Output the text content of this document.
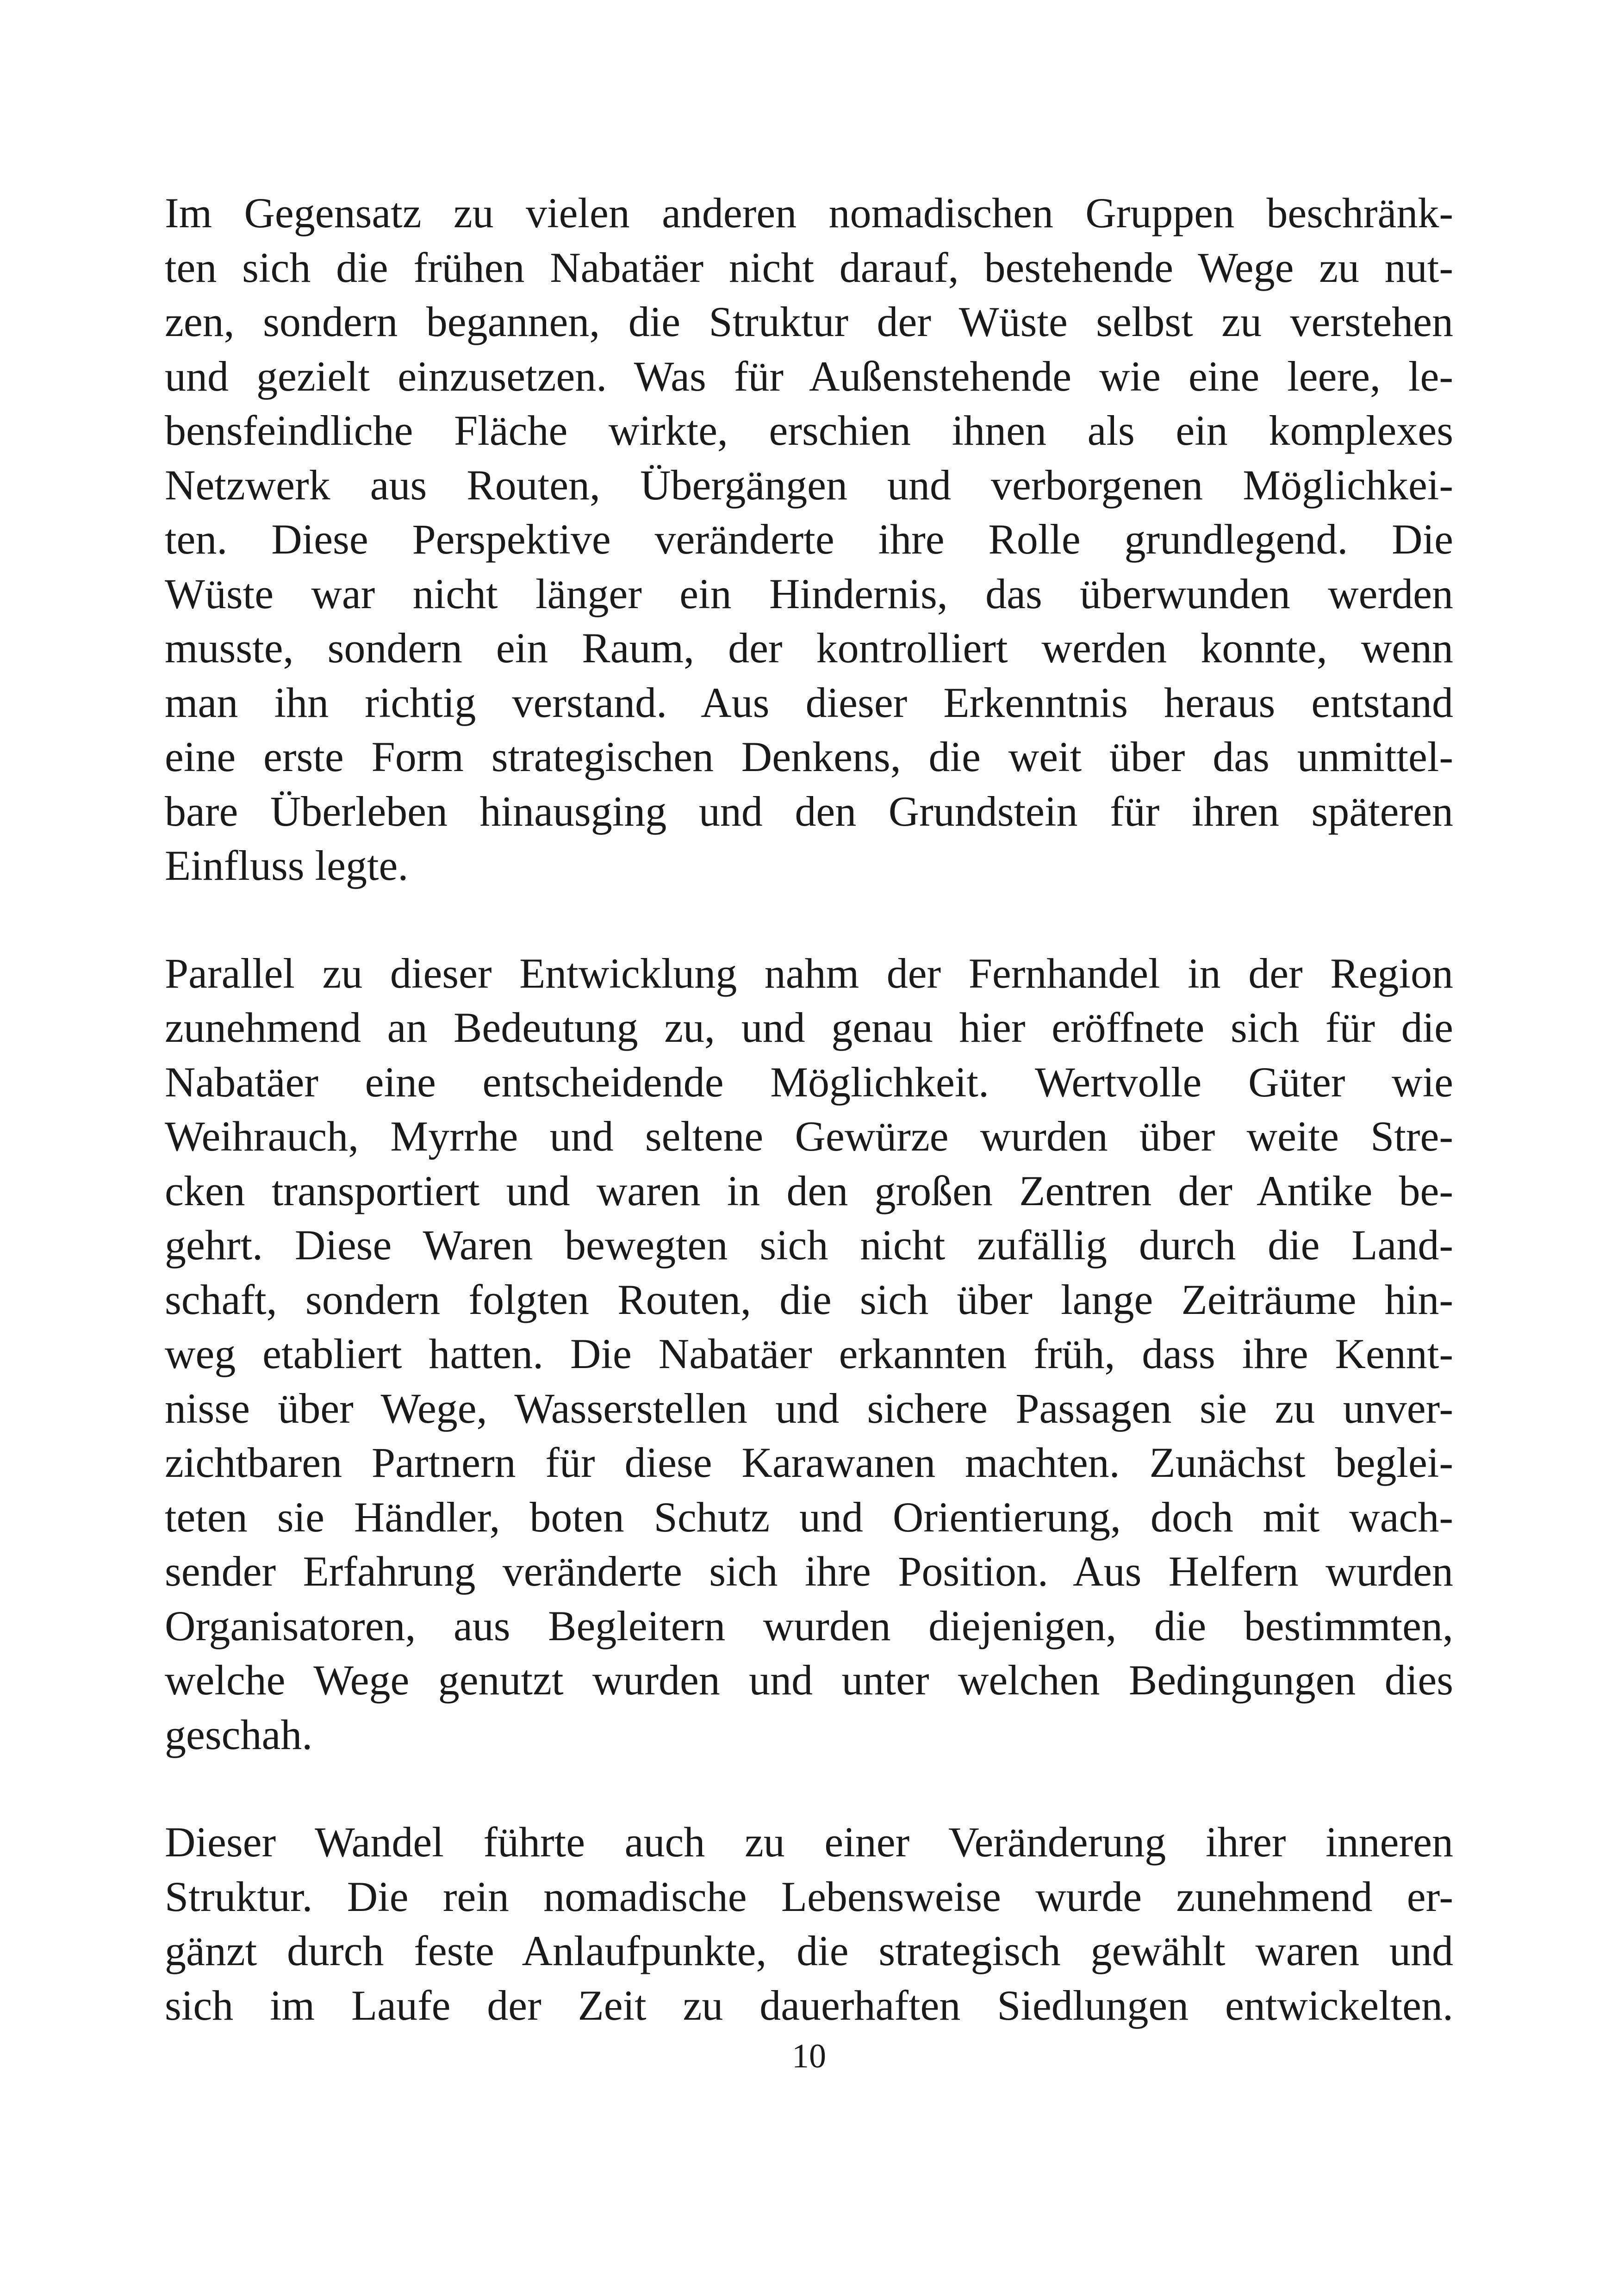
Im Gegensatz zu vielen anderen nomadischen Gruppen beschränk-
ten sich die frühen Nabatäer nicht darauf, bestehende Wege zu nut-
zen, sondern begannen, die Struktur der Wüste selbst zu verstehen
und gezielt einzusetzen. Was für Außenstehende wie eine leere, le-
bensfeindliche Fläche wirkte, erschien ihnen als ein komplexes
Netzwerk aus Routen, Übergängen und verborgenen Möglichkei-
ten. Diese Perspektive veränderte ihre Rolle grundlegend. Die
Wüste war nicht länger ein Hindernis, das überwunden werden
musste, sondern ein Raum, der kontrolliert werden konnte, wenn
man ihn richtig verstand. Aus dieser Erkenntnis heraus entstand
eine erste Form strategischen Denkens, die weit über das unmittel-
bare Überleben hinausging und den Grundstein für ihren späteren
Einfluss legte.
Parallel zu dieser Entwicklung nahm der Fernhandel in der Region
zunehmend an Bedeutung zu, und genau hier eröffnete sich für die
Nabatäer eine entscheidende Möglichkeit. Wertvolle Güter wie
Weihrauch, Myrrhe und seltene Gewürze wurden über weite Stre-
cken transportiert und waren in den großen Zentren der Antike be-
gehrt. Diese Waren bewegten sich nicht zufällig durch die Land-
schaft, sondern folgten Routen, die sich über lange Zeiträume hin-
weg etabliert hatten. Die Nabatäer erkannten früh, dass ihre Kennt-
nisse über Wege, Wasserstellen und sichere Passagen sie zu unver-
zichtbaren Partnern für diese Karawanen machten. Zunächst beglei-
teten sie Händler, boten Schutz und Orientierung, doch mit wach-
sender Erfahrung veränderte sich ihre Position. Aus Helfern wurden
Organisatoren, aus Begleitern wurden diejenigen, die bestimmten,
welche Wege genutzt wurden und unter welchen Bedingungen dies
geschah.
Dieser Wandel führte auch zu einer Veränderung ihrer inneren
Struktur. Die rein nomadische Lebensweise wurde zunehmend er-
gänzt durch feste Anlaufpunkte, die strategisch gewählt waren und
sich im Laufe der Zeit zu dauerhaften Siedlungen entwickelten.
10
